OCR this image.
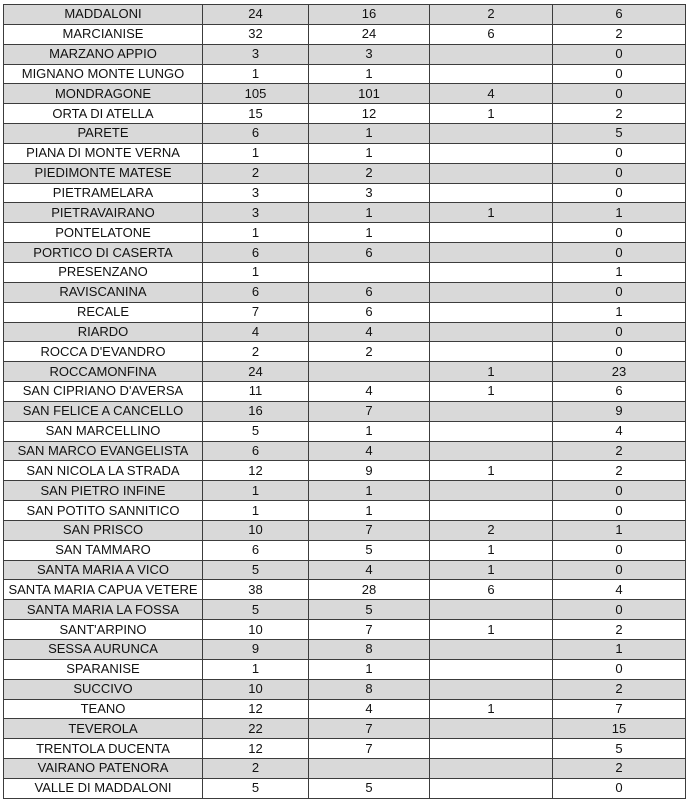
MADDALONI	24	16	2	6
MARCIANISE	32	24	6	2
MARZANO APPIO	3	3		0
MIGNANO MONTE LUNGO	1	1		0
MONDRAGONE	105	101	4	0
ORTA DI ATELLA	15	12	1	2
PARETE	6	1		5
PIANA DI MONTE VERNA	1	1		0
PIEDIMONTE MATESE	2	2		0
PIETRAMELARA	3	3		0
PIETRAVAIRANO	3	1	1	1
PONTELATONE	1	1		0
PORTICO DI CASERTA	6	6		0
PRESENZANO	1			1
RAVISCANINA	6	6		0
RECALE	7	6		1
RIARDO	4	4		0
ROCCA D'EVANDRO	2	2		0
ROCCAMONFINA	24		1	23
SAN CIPRIANO D'AVERSA	11	4	1	6
SAN FELICE A CANCELLO	16	7		9
SAN MARCELLINO	5	1		4
SAN MARCO EVANGELISTA	6	4		2
SAN NICOLA LA STRADA	12	9	1	2
SAN PIETRO INFINE	1	1		0
SAN POTITO SANNITICO	1	1		0
SAN PRISCO	10	7	2	1
SAN TAMMARO	6	5	1	0
SANTA MARIA A VICO	5	4	1	0
SANTA MARIA CAPUA VETERE	38	28	6	4
SANTA MARIA LA FOSSA	5	5		0
SANT'ARPINO	10	7	1	2
SESSA AURUNCA	9	8		1
SPARANISE	1	1		0
SUCCIVO	10	8		2
TEANO	12	4	1	7
TEVEROLA	22	7		15
TRENTOLA DUCENTA	12	7		5
VAIRANO PATENORA	2			2
VALLE DI MADDALONI	5	5		0
